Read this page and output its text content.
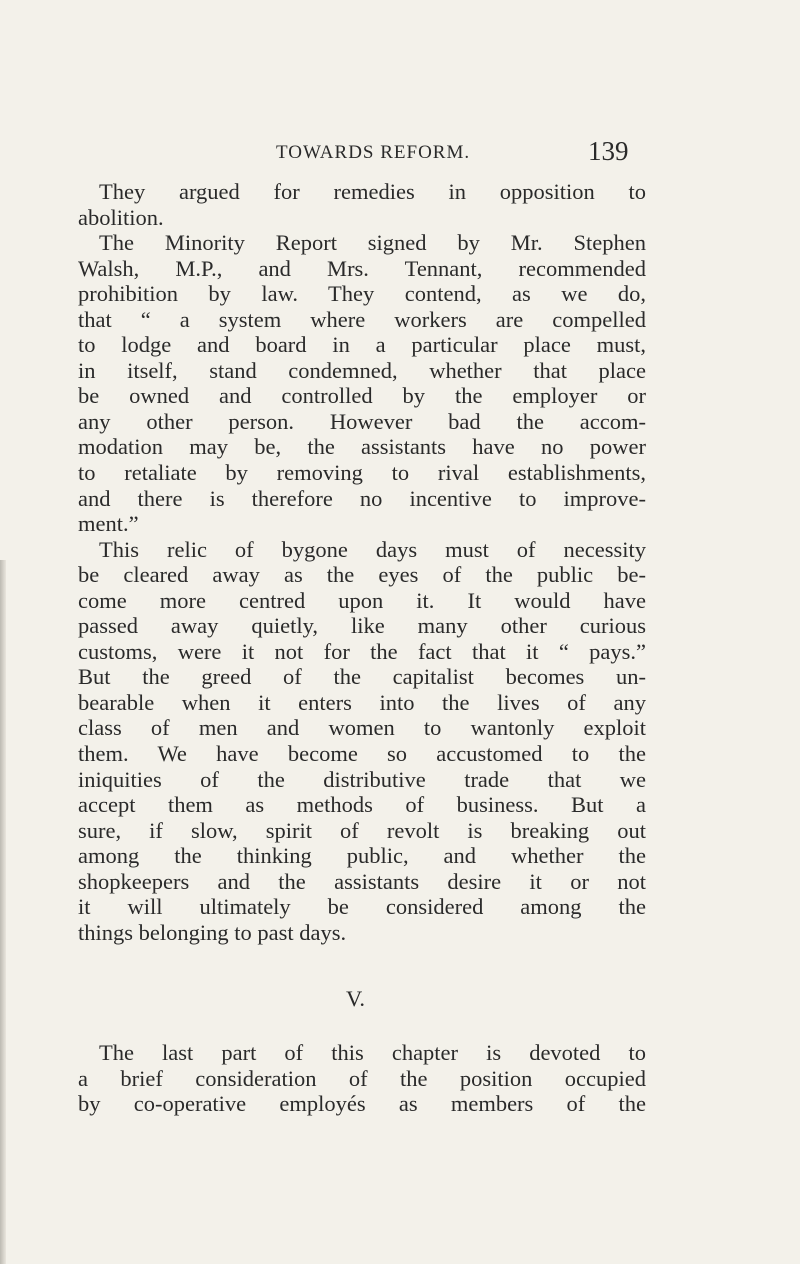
TOWARDS REFORM.	139
They argued for remedies in opposition to
abolition.
The Minority Report signed by Mr. Stephen
Walsh, M.P., and Mrs. Tennant, recommended
prohibition by law. They contend, as we do,
that “ a system where workers are compelled
to lodge and board in a particular place must,
in itself, stand condemned, whether that place
be owned and controlled by the employer or
any other person. However bad the accom-
modation may be, the assistants have no power
to retaliate by removing to rival establishments,
and there is therefore no incentive to improve-
ment.”
This relic of bygone days must of necessity
be cleared away as the eyes of the public be-
come more centred upon it. It would have
passed away quietly, like many other curious
customs, were it not for the fact that it “ pays.”
But the greed of the capitalist becomes un-
bearable when it enters into the lives of any
class of men and women to wantonly exploit
them. We have become so accustomed to the
iniquities of the distributive trade that we
accept them as methods of business. But a
sure, if slow, spirit of revolt is breaking out
among the thinking public, and whether the
shopkeepers and the assistants desire it or not
it will ultimately be considered among the
things belonging to past days.
V.
The last part of this chapter is devoted to
a brief consideration of the position occupied
by co-operative employés as members of the
